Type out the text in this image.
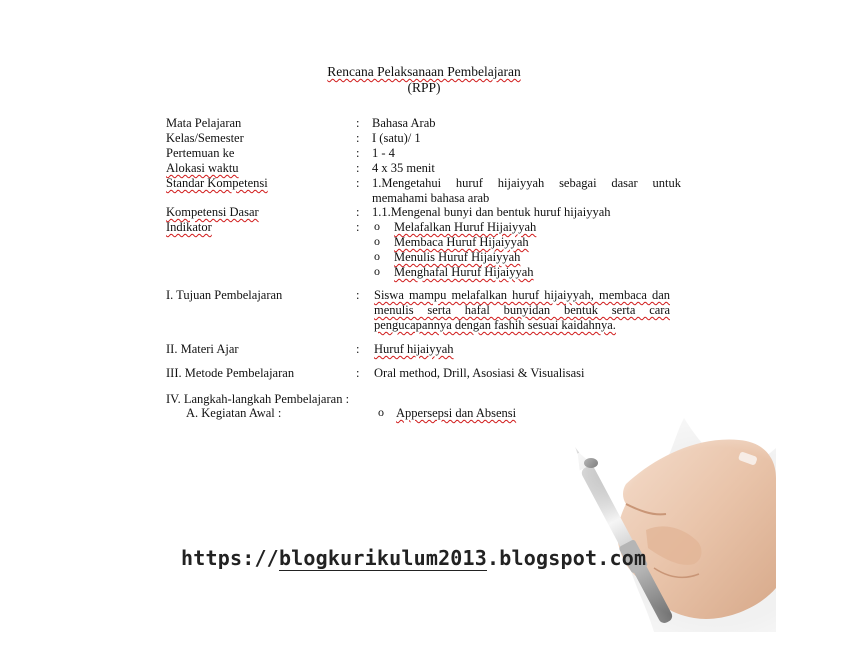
Rencana Pelaksanaan Pembelajaran
(RPP)
Mata Pelajaran	: Bahasa Arab
Kelas/Semester	: I (satu)/ 1
Pertemuan ke	: 1 - 4
Alokasi waktu	: 4 x 35 menit
Standar Kompetensi	: 1.Mengetahui huruf hijaiyyah sebagai dasar untuk memahami bahasa arab
Kompetensi Dasar	: 1.1.Mengenal bunyi dan bentuk huruf hijaiyyah
Indikator	:	o Melafalkan Huruf Hijaiyyah
o Membaca Huruf Hijaiyyah
o Menulis Huruf Hijaiyyah
o Menghafal Huruf Hijaiyyah
I. Tujuan Pembelajaran	: Siswa mampu melafalkan huruf hijaiyyah, membaca dan menulis serta hafal bunyidan bentuk serta cara pengucapannya dengan fashih sesuai kaidahnya.
II. Materi Ajar	: Huruf hijaiyyah
III. Metode Pembelajaran	: Oral method, Drill, Asosiasi & Visualisasi
IV. Langkah-langkah Pembelajaran :
A. Kegiatan Awal :	o Appersepsi dan Absensi
https://blogkurikulum2013.blogspot.com
